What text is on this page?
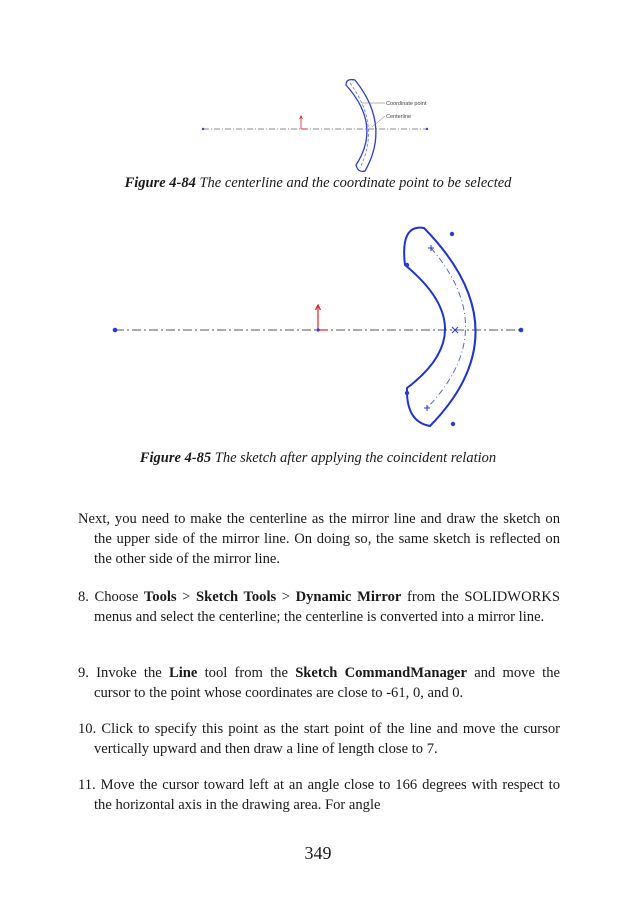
Coordinate point
Centerline
Figure 4-84 The centerline and the coordinate point to be selected
Figure 4-85 The sketch after applying the coincident relation
Next, you need to make the centerline as the mirror line and draw the sketch on the upper side of the mirror line. On doing so, the same sketch is reflected on the other side of the mirror line.
8. Choose Tools > Sketch Tools > Dynamic Mirror from the SOLIDWORKS menus and select the centerline; the centerline is converted into a mirror line.
9. Invoke the Line tool from the Sketch CommandManager and move the cursor to the point whose coordinates are close to -61, 0, and 0.
10. Click to specify this point as the start point of the line and move the cursor vertically upward and then draw a line of length close to 7.
11. Move the cursor toward left at an angle close to 166 degrees with respect to the horizontal axis in the drawing area. For angle
349
